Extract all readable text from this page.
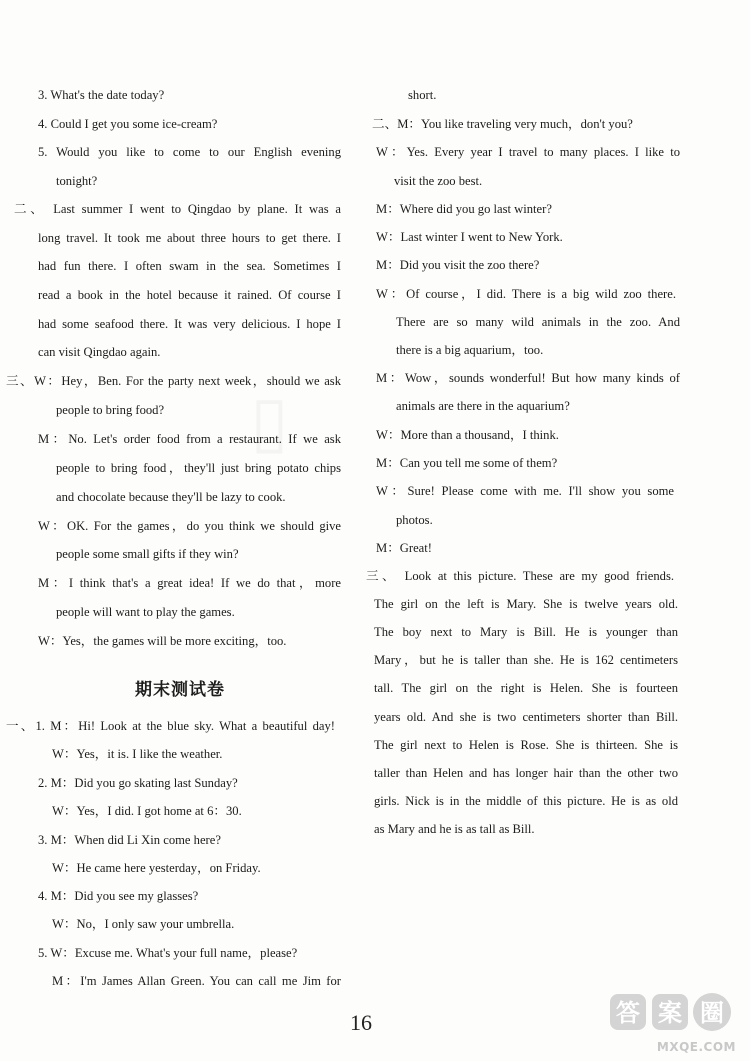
3. What's the date today?
4. Could I get you some ice-cream?
5. Would you like to come to our English evening
tonight?
二、 Last summer I went to Qingdao by plane. It was a
long travel. It took me about three hours to get there. I
had fun there. I often swam in the sea. Sometimes I
read a book in the hotel because it rained. Of course I
had some seafood there. It was very delicious. I hope I
can visit Qingdao again.
三、W：Hey，Ben. For the party next week，should we ask
people to bring food?
M：No. Let's order food from a restaurant. If we ask
people to bring food，they'll just bring potato chips
and chocolate because they'll be lazy to cook.
W：OK. For the games，do you think we should give
people some small gifts if they win?
M：I think that's a great idea! If we do that，more
people will want to play the games.
W：Yes，the games will be more exciting，too.
期末测试卷
一、1. M：Hi! Look at the blue sky. What a beautiful day!
W：Yes，it is. I like the weather.
2. M：Did you go skating last Sunday?
W：Yes，I did. I got home at 6：30.
3. M：When did Li Xin come here?
W：He came here yesterday，on Friday.
4. M：Did you see my glasses?
W：No，I only saw your umbrella.
5. W：Excuse me. What's your full name，please?
M：I'm James Allan Green. You can call me Jim for
short.
二、M：You like traveling very much，don't you?
W：Yes. Every year I travel to many places. I like to
visit the zoo best.
M：Where did you go last winter?
W：Last winter I went to New York.
M：Did you visit the zoo there?
W：Of course，I did. There is a big wild zoo there.
There are so many wild animals in the zoo. And
there is a big aquarium，too.
M：Wow，sounds wonderful! But how many kinds of
animals are there in the aquarium?
W：More than a thousand，I think.
M：Can you tell me some of them?
W：Sure! Please come with me. I'll show you some
photos.
M：Great!
三、 Look at this picture. These are my good friends.
The girl on the left is Mary. She is twelve years old.
The boy next to Mary is Bill. He is younger than
Mary，but he is taller than she. He is 162 centimeters
tall. The girl on the right is Helen. She is fourteen
years old. And she is two centimeters shorter than Bill.
The girl next to Helen is Rose. She is thirteen. She is
taller than Helen and has longer hair than the other two
girls. Nick is in the middle of this picture. He is as old
as Mary and he is as tall as Bill.
16	答 案 圈
MXQE.COM
